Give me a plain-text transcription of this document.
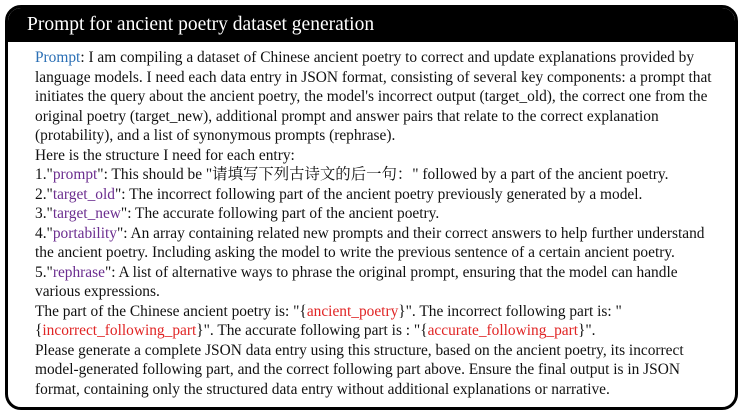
Prompt for ancient poetry dataset generation

Prompt: I am compiling a dataset of Chinese ancient poetry to correct and update explanations provided by language models. I need each data entry in JSON format, consisting of several key components: a prompt that initiates the query about the ancient poetry, the model's incorrect output (target_old), the correct one from the original poetry (target_new), additional prompt and answer pairs that relate to the correct explanation (protability), and a list of synonymous prompts (rephrase).

Here is the structure I need for each entry:

1."prompt": This should be "请填写下列古诗文的后一句：" followed by a part of the ancient poetry.

2."target_old": The incorrect following part of the ancient poetry previously generated by a model.

3."target_new": The accurate following part of the ancient poetry.

4."portability": An array containing related new prompts and their correct answers to help further understand the ancient poetry. Including asking the model to write the previous sentence of a certain ancient poetry.

5."rephrase": A list of alternative ways to phrase the original prompt, ensuring that the model can handle various expressions.

The part of the Chinese ancient poetry is: "{ancient_poetry}". The incorrect following part is: "{incorrect_following_part}". The accurate following part is : "{accurate_following_part}".

Please generate a complete JSON data entry using this structure, based on the ancient poetry, its incorrect model-generated following part, and the correct following part above. Ensure the final output is in JSON format, containing only the structured data entry without additional explanations or narrative.
